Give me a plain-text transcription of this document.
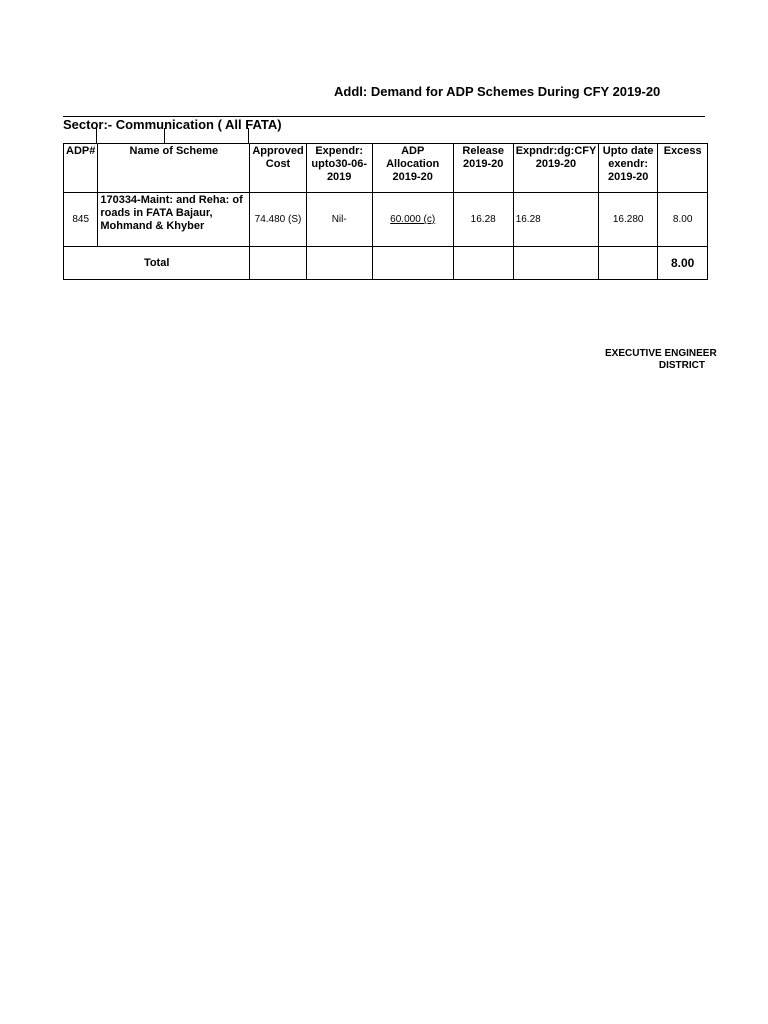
Addl: Demand for ADP Schemes During CFY 2019-20
Sector:- Communication ( All FATA)
ADP#	Name of Scheme	Approved Cost	Expendr: upto30-06-2019	ADP Allocation 2019-20	Release 2019-20	Expndr:dg:CFY 2019-20	Upto date exendr: 2019-20	Excess
845	170334-Maint: and Reha: of roads in FATA Bajaur, Mohmand & Khyber	74.480 (S)	Nil-	60.000 (c)	16.28	16.28	16.280	8.00
Total								8.00
EXECUTIVE ENGINEER
DISTRICT
